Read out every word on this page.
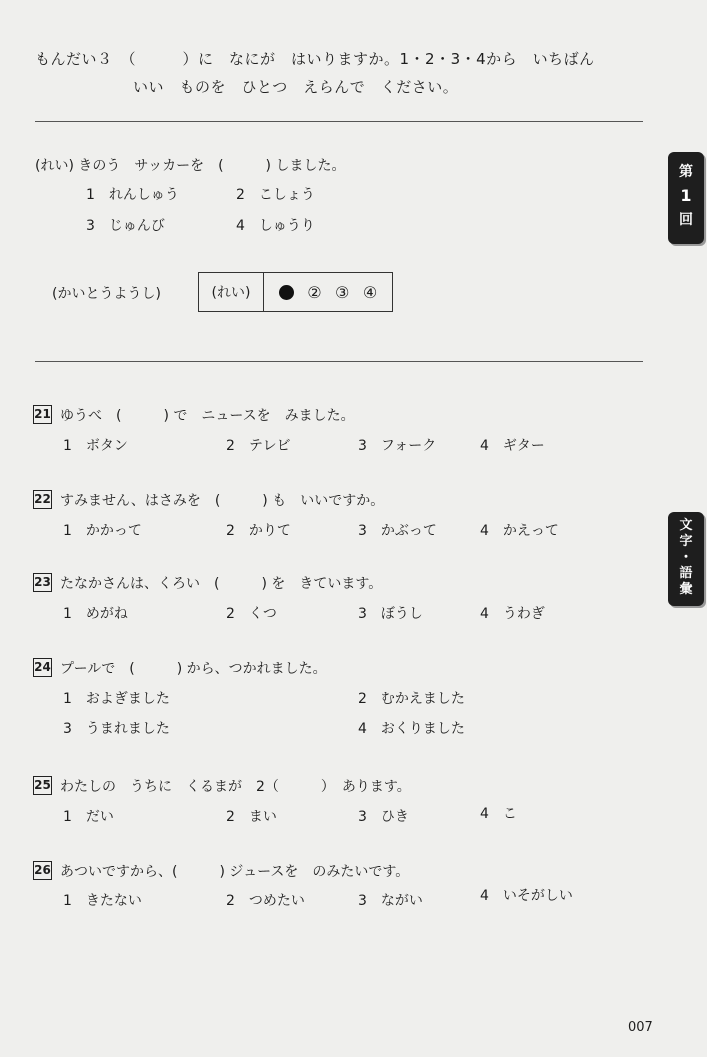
もんだい３　（　　　）に　なにが　はいりますか。1・2・3・4から　いちばん
いい　ものを　ひとつ　えらんで　ください。
(れい) きのう　サッカーを　(　　　) しました。
1　れんしゅう	2　こしょう
3　じゅんび	4　しゅうり
(かいとうようし)	(れい)	② ③ ④
21 ゆうべ　(　　　) で　ニュースを　みました。
1　ボタン	2　テレビ	3　フォーク	4　ギター
22 すみません、はさみを　(　　　) も　いいですか。
1　かかって	2　かりて	3　かぶって	4　かえって
23 たなかさんは、くろい　(　　　) を　きています。
1　めがね	2　くつ	3　ぼうし	4　うわぎ
24 プールで　(　　　) から、つかれました。
1　およぎました	2　むかえました
3　うまれました	4　おくりました
25 わたしの　うちに　くるまが　2（　　　）　あります。
1　だい	2　まい	3　ひき	4　こ
26 あついですから、(　　　) ジュースを　のみたいです。
1　きたない	2　つめたい	3　ながい	4　いそがしい
第
1
回
文
字
・
語
彙
007
